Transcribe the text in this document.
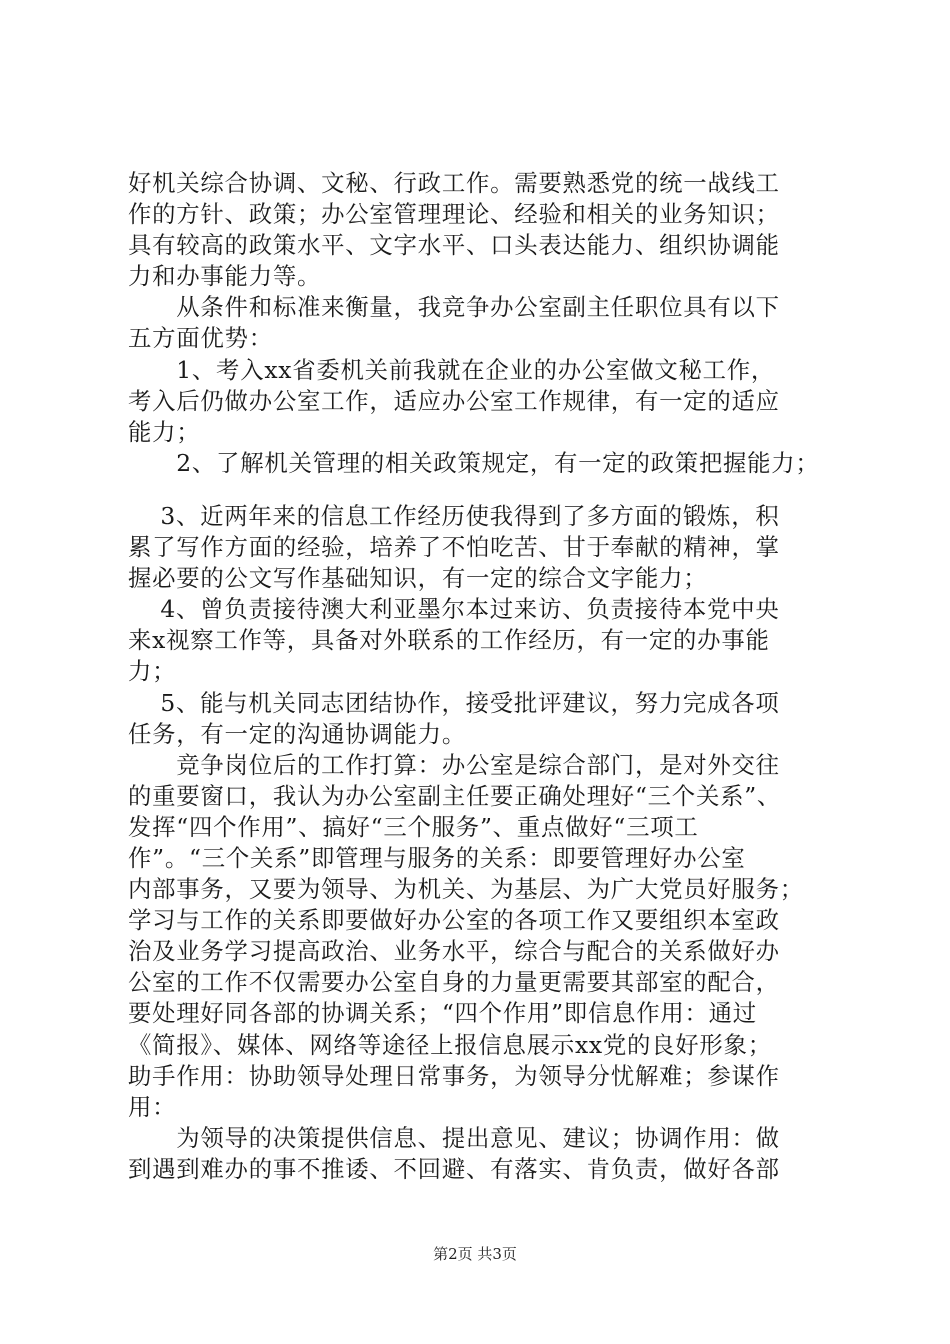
好机关综合协调、文秘、行政工作。需要熟悉党的统一战线工
作的方针、政策；办公室管理理论、经验和相关的业务知识；
具有较高的政策水平、文字水平、口头表达能力、组织协调能
力和办事能力等。
　　从条件和标准来衡量，我竞争办公室副主任职位具有以下
五方面优势：
　　1、考入xx省委机关前我就在企业的办公室做文秘工作，
考入后仍做办公室工作，适应办公室工作规律，有一定的适应
能力；
　　2、了解机关管理的相关政策规定，有一定的政策把握能力；
　 3、近两年来的信息工作经历使我得到了多方面的锻炼，积
累了写作方面的经验，培养了不怕吃苦、甘于奉献的精神，掌
握必要的公文写作基础知识，有一定的综合文字能力；
　 4、曾负责接待澳大利亚墨尔本过来访、负责接待本党中央
来x视察工作等，具备对外联系的工作经历，有一定的办事能
力；
　 5、能与机关同志团结协作，接受批评建议，努力完成各项
任务，有一定的沟通协调能力。
　　竞争岗位后的工作打算：办公室是综合部门，是对外交往
的重要窗口，我认为办公室副主任要正确处理好“三个关系”、
发挥“四个作用”、搞好“三个服务”、重点做好“三项工
作”。“三个关系”即管理与服务的关系：即要管理好办公室
内部事务，又要为领导、为机关、为基层、为广大党员好服务；
学习与工作的关系即要做好办公室的各项工作又要组织本室政
治及业务学习提高政治、业务水平，综合与配合的关系做好办
公室的工作不仅需要办公室自身的力量更需要其部室的配合，
要处理好同各部的协调关系；“四个作用”即信息作用：通过
《简报》、媒体、网络等途径上报信息展示xx党的良好形象；
助手作用：协助领导处理日常事务，为领导分忧解难；参谋作
用：
　　为领导的决策提供信息、提出意见、建议；协调作用：做
到遇到难办的事不推诿、不回避、有落实、肯负责，做好各部
第2页 共3页
